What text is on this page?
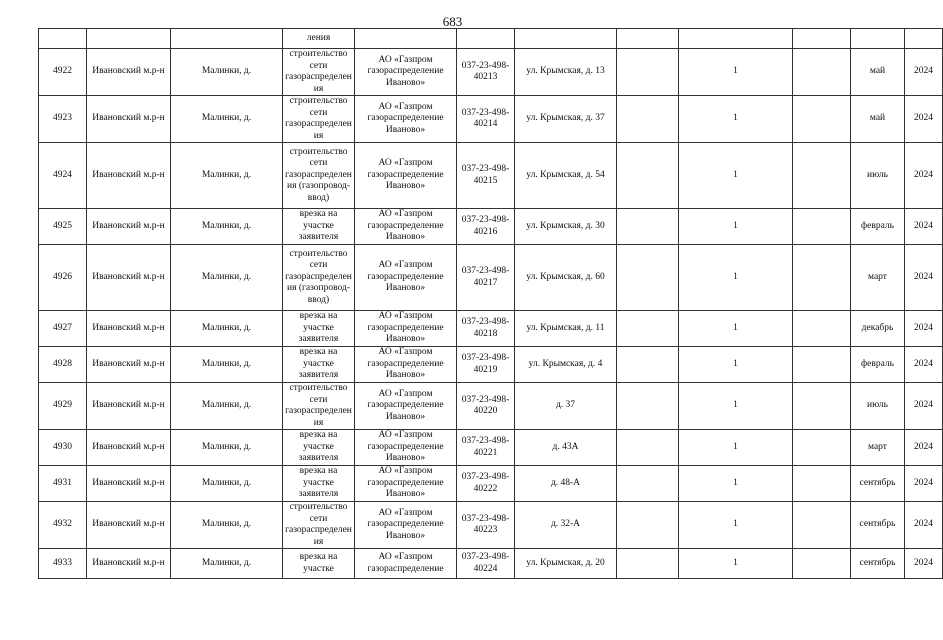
683
			ления								
4922	Ивановский м.р-н	Малинки, д.	строительство сети газораспределения	АО «Газпром газораспределение Иваново»	037-23-498-40213	ул. Крымская, д. 13		1		май	2024
4923	Ивановский м.р-н	Малинки, д.	строительство сети газораспределения	АО «Газпром газораспределение Иваново»	037-23-498-40214	ул. Крымская, д. 37		1		май	2024
4924	Ивановский м.р-н	Малинки, д.	строительство сети газораспределения (газопровод-ввод)	АО «Газпром газораспределение Иваново»	037-23-498-40215	ул. Крымская, д. 54		1		июль	2024
4925	Ивановский м.р-н	Малинки, д.	врезка на участке заявителя	АО «Газпром газораспределение Иваново»	037-23-498-40216	ул. Крымская, д. 30		1		февраль	2024
4926	Ивановский м.р-н	Малинки, д.	строительство сети газораспределения (газопровод-ввод)	АО «Газпром газораспределение Иваново»	037-23-498-40217	ул. Крымская, д. 60		1		март	2024
4927	Ивановский м.р-н	Малинки, д.	врезка на участке заявителя	АО «Газпром газораспределение Иваново»	037-23-498-40218	ул. Крымская, д. 11		1		декабрь	2024
4928	Ивановский м.р-н	Малинки, д.	врезка на участке заявителя	АО «Газпром газораспределение Иваново»	037-23-498-40219	ул. Крымская, д. 4		1		февраль	2024
4929	Ивановский м.р-н	Малинки, д.	строительство сети газораспределения	АО «Газпром газораспределение Иваново»	037-23-498-40220	д. 37		1		июль	2024
4930	Ивановский м.р-н	Малинки, д.	врезка на участке заявителя	АО «Газпром газораспределение Иваново»	037-23-498-40221	д. 43А		1		март	2024
4931	Ивановский м.р-н	Малинки, д.	врезка на участке заявителя	АО «Газпром газораспределение Иваново»	037-23-498-40222	д. 48-А		1		сентябрь	2024
4932	Ивановский м.р-н	Малинки, д.	строительство сети газораспределения	АО «Газпром газораспределение Иваново»	037-23-498-40223	д. 32-А		1		сентябрь	2024
4933	Ивановский м.р-н	Малинки, д.	врезка на участке	АО «Газпром газораспределение	037-23-498-40224	ул. Крымская, д. 20		1		сентябрь	2024
